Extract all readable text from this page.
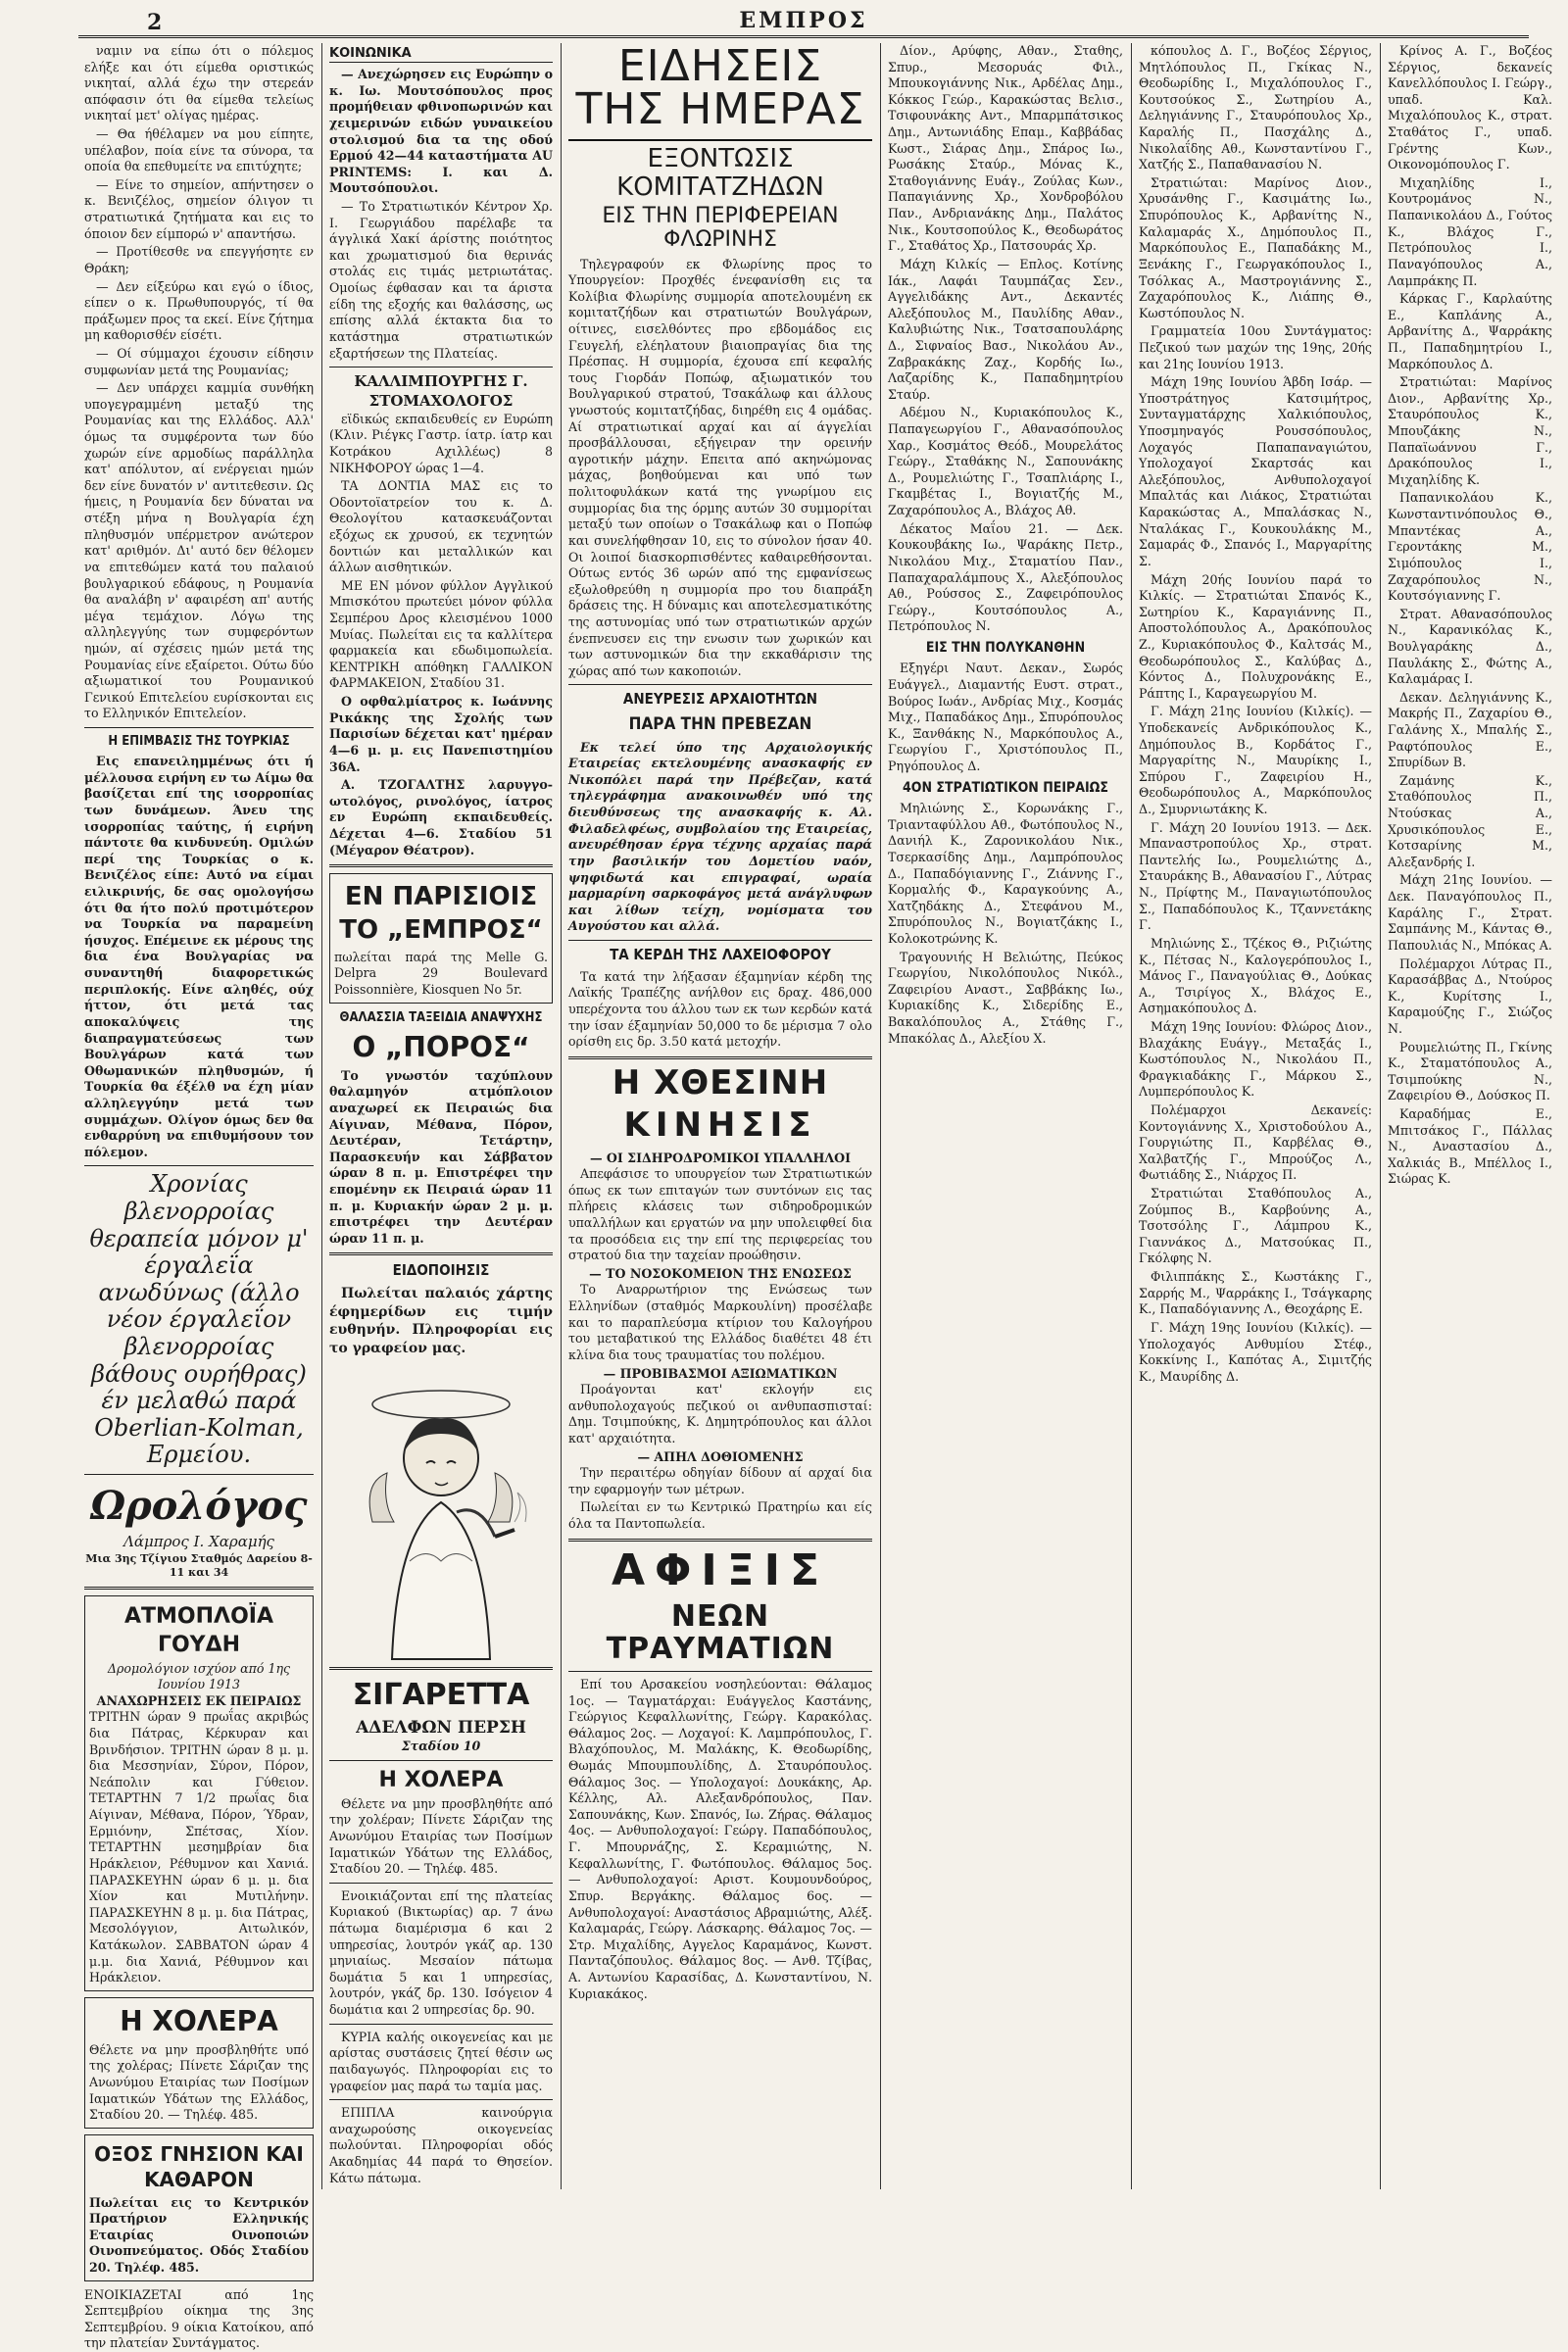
2	ΕΜΠΡΟΣ

ναμιν να είπω ότι ο πόλεμος ελήξε και ότι είμεθα οριστικώς νικηταί, αλλά έχω την στερεάν απόφασιν ότι θα είμεθα τελείως νικηταί μετ' ολίγας ημέρας.

— Θα ήθέλαμεν να μου είπητε, υπέλαβον, ποία είνε τα σύνορα, τα οποία θα επεθυμείτε να επιτύχητε;

— Είνε το σημείον, απήντησεν ο κ. Βενιζέλος, σημείον όλιγον τι στρατιωτικά ζητήματα και εις το όποιον δεν είμπορώ ν' απαντήσω.

— Προτίθεσθε να επεγγήσητε εν Θράκη;

— Δεν είξεύρω και εγώ ο ίδιος, είπεν ο κ. Πρωθυπουργός, τί θα πράξωμεν προς τα εκεί. Είνε ζήτημα μη καθορισθέν είσέτι.

— Οί σύμμαχοι έχουσιν είδησιν συμφωνίαν μετά της Ρουμανίας;

— Δεν υπάρχει καμμία συνθήκη υπογεγραμμένη μεταξύ της Ρουμανίας και της Ελλάδος. Αλλ' όμως τα συμφέροντα των δύο χωρών είνε αρμοδίως παράλληλα κατ' απόλυτον, αί ενέργειαι ημών δεν είνε δυνατόν ν' αντιτεθεσιν. Ως ήμεις, η Ρουμανία δεν δύναται να στέξη μήνα η Βουλγαρία έχη πληθυσμόν υπέρμετρον ανώτερον κατ' αριθμόν. Δι' αυτό δεν θέλομεν να επιτεθώμεν κατά του παλαιού βουλγαρικού εδάφους, η Ρουμανία θα αναλάβη ν' αφαιρέση απ' αυτής μέγα τεμάχιον. Λόγω της αλληλεγγύης των συμφερόντων ημών, αί σχέσεις ημών μετά της Ρουμανίας είνε εξαίρετοι. Ούτω δύο αξιωματικοί του Ρουμανικού Γενικού Επιτελείου ευρίσκονται εις το Ελληνικόν Επιτελείον.

Η ΕΠΙΜΒΑΣΙΣ ΤΗΣ ΤΟΥΡΚΙΑΣ

Εις επανειλημμένως ότι ή μέλλουσα ειρήνη εν τω Αίμω θα βασίζεται επί της ισορροπίας των δυνάμεων. Άνευ της ισορροπίας ταύτης, ή ειρήνη πάντοτε θα κινδυνεύη. Ομιλών περί της Τουρκίας ο κ. Βενιζέλος είπε: Αυτό να είμαι ειλικρινής, δε σας ομολογήσω ότι θα ήτο πολύ προτιμότερον να Τουρκία να παραμείνη ήσυχος. Επέμεινε εκ μέρους της δια ένα Βουλγαρίας να συναντηθή διαφορετικώς περιπλοκής. Είνε αληθές, ούχ ήττον, ότι μετά τας αποκαλύψεις της διαπραγματεύσεως των Βουλγάρων κατά των Οθωμανικών πληθυσμών, ή Τουρκία θα έξέλθ να έχη μίαν αλληλεγγύην μετά των συμμάχων. Ολίγον όμως δεν θα ενθαρρύνη να επιθυμήσουν τον πόλεμον.

Χρονίας βλενορροίας θεραπεία μόνον μ' έργαλεΐα ανωδύνως (άλλο νέον έργαλεΐον βλενορροίας βάθους ουρήθρας) έν μελαθώ παρά Oberlian-Kolman, Ερμείου.
Ωρολόγος
Λάμπρος Ι. Χαραμής
Μια 3ης Τζίγιου Σταθμός Δαρείου 8-11 και 34
ΑΤΜΟΠΛΟΪΑ ΓΟΥΔΗ
Δρομολόγιον ισχύον από 1ης Ιουνίου 1913
ΑΝΑΧΩΡΗΣΕΙΣ ΕΚ ΠΕΙΡΑΙΩΣ
ΤΡΙΤΗΝ ώραν 9 πρωΐας ακριβώς δια Πάτρας, Κέρκυραν και Βρινδήσιον. ΤΡΙΤΗΝ ώραν 8 μ. μ. δια Μεσσηνίαν, Σύρον, Πόρον, Νεάπολιν και Γύθειον. ΤΕΤΑΡΤΗΝ 7 1/2 πρωΐας δια Αίγιναν, Μέθανα, Πόρον, Ύδραν, Ερμιόνην, Σπέτσας, Χίον. ΤΕΤΑΡΤΗΝ μεσημβρίαν δια Ηράκλειον, Ρέθυμνον και Χανιά. ΠΑΡΑΣΚΕΥΗΝ ώραν 6 μ. μ. δια Χίον και Μυτιλήνην. ΠΑΡΑΣΚΕΥΗΝ 8 μ. μ. δια Πάτρας, Μεσολόγγιον, Αιτωλικόν, Κατάκωλον. ΣΑΒΒΑΤΟΝ ώραν 4 μ.μ. δια Χανιά, Ρέθυμνον και Ηράκλειον.
Η ΧΟΛΕΡΑ
Θέλετε να μην προσβληθήτε υπό της χολέρας; Πίνετε Σάριζαν της Ανωνύμου Εταιρίας των Ποσίμων Ιαματικών Υδάτων της Ελλάδος, Σταδίου 20. — Τηλέφ. 485.
ΟΞΟΣ ΓΝΗΣΙΟΝ ΚΑΙ ΚΑΘΑΡΟΝ
Πωλείται εις το Κεντρικόν Πρατήριον Ελληνικής Εταιρίας Οινοποιών Οινοπνεύματος. Οδός Σταδίου 20. Τηλέφ. 485.
ΕΝΟΙΚΙΑΖΕΤΑΙ από 1ης Σεπτεμβρίου οίκημα της 3ης Σεπτεμβρίου. 9 οίκια Κατοίκου, από την πλατείαν Συντάγματος.
ΚΟΙΝΩΝΙΚΑ

— Ανεχώρησεν εις Ευρώπην ο κ. Ιω. Μουτσόπουλος προς προμήθειαν φθινοπωρινών και χειμερινών ειδών γυναικείου στολισμού δια τα της οδού Ερμού 42—44 καταστήματα ΑU PRINTEMS: Ι. και Δ. Μουτσόπουλοι.

— Το Στρατιωτικόν Κέντρον Χρ. Ι. Γεωργιάδου παρέλαβε τα άγγλικά Χακί άρίστης ποιότητος και χρωματισμού δια θερινάς στολάς εις τιμάς μετριωτάτας. Ομοίως έφθασαν και τα άριστα είδη της εξοχής και θαλάσσης, ως επίσης αλλά έκτακτα δια το κατάστημα στρατιωτικών εξαρτήσεων της Πλατείας.

ΚΑΛΛΙΜΠΟΥΡΓΗΣ Γ. ΣΤΟΜΑΧΟΛΟΓΟΣ

εϊδικώς εκπαιδευθείς εν Ευρώπη (Κλιν. Ριέγκς Γαστρ. ίατρ. ίατρ και Κοτράκου Αχιλλέως) 8 ΝΙΚΗΦΟΡΟΥ ώρας 1—4.

ΤΑ ΔΟΝΤΙΑ ΜΑΣ εις το Οδοντοϊατρείον του κ. Δ. Θεολογίτου κατασκευάζονται εξόχως εκ χρυσού, εκ τεχνητών δοντιών και μεταλλικών και άλλων αισθητικών.

ΜΕ ΕΝ μόνον φύλλον Αγγλικού Μπισκότου πρωτεύει μόνον φύλλα Σεμπέρου Δρος κλεισμένου 1000 Μυίας. Πωλείται εις τα καλλίτερα φαρμακεία και εδωδιμοπωλεία. ΚΕΝΤΡΙΚΗ απόθηκη ΓΑΛΛΙΚΟΝ ΦΑΡΜΑΚΕΙΟΝ, Σταδίου 31.

Ο οφθαλμίατρος κ. Ιωάννης Ρικάκης της Σχολής των Παρισίων δέχεται κατ' ημέραν 4—6 μ. μ. εις Πανεπιστημίου 36Α.

Α. ΤΖΟΓΑΛΤΗΣ λαρυγγο-ωτολόγος, ρινολόγος, ίατρος εν Ευρώπη εκπαιδευθείς. Δέχεται 4—6. Σταδίου 51 (Μέγαρον Θέατρον).

ΕΝ ΠΑΡΙΣΙΟΙΣ ΤΟ „ΕΜΠΡΟΣ“
πωλείται παρά της Melle G. Delpra 29 Boulevard Poissonnière, Kiosquen No 5r.
ΘΑΛΑΣΣΙΑ ΤΑΞΕΙΔΙΑ ΑΝΑΨΥΧΗΣ
Ο „ΠΟΡΟΣ“

Το γνωστόν ταχύπλουν θαλαμηγόν ατμόπλοιον αναχωρεί εκ Πειραιώς δια Αίγιναν, Μέθανα, Πόρον, Δευτέραν, Τετάρτην, Παρασκευήν και Σάββατον ώραν 8 π. μ. Επιστρέφει την επομένην εκ Πειραιά ώραν 11 π. μ. Κυριακήν ώραν 2 μ. μ. επιστρέφει την Δευτέραν ώραν 11 π. μ.

ΕΙΔΟΠΟΙΗΣΙΣ

Πωλείται παλαιός χάρτης έφημερίδων εις τιμήν ευθηνήν. Πληροφορίαι εις το γραφείον μας.

ΣΙΓΑΡΕΤΤΑ
ΑΔΕΛΦΩΝ ΠΕΡΣΗ
Σταδίου 10
Η ΧΟΛΕΡΑ

Θέλετε να μην προσβληθήτε από την χολέραν; Πίνετε Σάριζαν της Ανωνύμου Εταιρίας των Ποσίμων Ιαματικών Υδάτων της Ελλάδος, Σταδίου 20. — Τηλέφ. 485.

Ενοικιάζονται επί της πλατείας Κυριακού (Βικτωρίας) αρ. 7 άνω πάτωμα διαμέρισμα 6 και 2 υπηρεσίας, λουτρόν γκάζ αρ. 130 μηνιαίως. Μεσαίον πάτωμα δωμάτια 5 και 1 υπηρεσίας, λουτρόν, γκάζ δρ. 130. Ισόγειον 4 δωμάτια και 2 υπηρεσίας δρ. 90.

ΚΥΡΙΑ καλής οικογενείας και με αρίστας συστάσεις ζητεί θέσιν ως παιδαγωγός. Πληροφορίαι εις το γραφείον μας παρά τω ταμία μας.

ΕΠΙΠΛΑ καινούργια αναχωρούσης οικογενείας πωλούνται. Πληροφορίαι οδός Ακαδημίας 44 παρά το Θησείον. Κάτω πάτωμα.

ΕΙΔΗΣΕΙΣ ΤΗΣ ΗΜΕΡΑΣ
ΕΞΟΝΤΩΣΙΣ ΚΟΜΙΤΑΤΖΗΔΩΝ
ΕΙΣ ΤΗΝ ΠΕΡΙΦΕΡΕΙΑΝ ΦΛΩΡΙΝΗΣ

Τηλεγραφούν εκ Φλωρίνης προς το Υπουργείον: Προχθές ένεφανίσθη εις τα Κολίβια Φλωρίνης συμμορία αποτελουμένη εκ κομιτατζήδων και στρατιωτών Βουλγάρων, οίτινες, εισελθόντες προ εβδομάδος εις Γευγελή, ελέηλατουν βιαιοπραγίας δια της Πρέσπας. Η συμμορία, έχουσα επί κεφαλής τους Γιορδάν Ποπώφ, αξιωματικόν του Βουλγαρικού στρατού, Τσακάλωφ και άλλους γνωστούς κομιτατζήδας, διηρέθη εις 4 ομάδας. Αί στρατιωτικαί αρχαί και αί άγγελίαι προσβάλλουσαι, εξήγειραν την ορεινήν αγροτικήν μάχην. Επειτα από ακηνώμονας μάχας, βοηθούμεναι και υπό των πολιτοφυλάκων κατά της γνωρίμου εις συμμορίας δια της όρμης αυτών 30 συμμορίται μεταξύ των οποίων ο Τσακάλωφ και ο Ποπώφ και συνελήφθησαν 10, εις το σύνολον ήσαν 40. Οι λοιποί διασκορπισθέντες καθαιρεθήσονται. Ούτως εντός 36 ωρών από της εμφανίσεως εξωλοθρεύθη η συμμορία προ του διαπράξη δράσεις της. Η δύναμις και αποτελεσματικότης της αστυνομίας υπό των στρατιωτικών αρχών ένεπνευσεν εις την ενωσιν των χωρικών και των αστυνομικών δια την εκκαθάρισιν της χώρας από των κακοποιών.

ΑΝΕΥΡΕΣΙΣ ΑΡΧΑΙΟΤΗΤΩΝ
ΠΑΡΑ ΤΗΝ ΠΡΕΒΕΖΑΝ

Εκ τελεί ύπο της Αρχαιολογικής Εταιρείας εκτελουμένης ανασκαφής εν Νικοπόλει παρά την Πρέβεζαν, κατά τηλεγράφημα ανακοινωθέν υπό της διευθύνσεως της ανασκαφής κ. Αλ. Φιλαδελφέως, συμβολαίου της Εταιρείας, ανευρέθησαν έργα τέχνης αρχαίας παρά την βασιλικήν του Δομετίου ναόν, ψηφιδωτά και επιγραφαί, ωραία μαρμαρίνη σαρκοφάγος μετά ανάγλυφων και λίθων τείχη, νομίσματα του Αυγούστου και αλλά.

ΤΑ ΚΕΡΔΗ ΤΗΣ ΛΑΧΕΙΟΦΟΡΟΥ

Τα κατά την λήξασαν έξαμηνίαν κέρδη της Λαϊκής Τραπέζης ανήλθον εις δραχ. 486,000 υπερέχοντα του άλλου των εκ των κερδών κατά την ίσαν έξαμηνίαν 50,000 το δε μέρισμα 7 ολο ορίσθη εις δρ. 3.50 κατά μετοχήν.

Η ΧΘΕΣΙΝΗ
ΚΙΝΗΣΙΣ
— ΟΙ ΣΙΔΗΡΟΔΡΟΜΙΚΟΙ ΥΠΑΛΛΗΛΟΙ

Απεφάσισε το υπουργείον των Στρατιωτικών όπως εκ των επιταγών των συντόνων εις τας πλήρεις κλάσεις των σιδηροδρομικών υπαλλήλων και εργατών να μην υπολειφθεί δια τα προσόδεια εις την επί της περιφερείας του στρατού δια την ταχείαν προώθησιν.

— ΤΟ ΝΟΣΟΚΟΜΕΙΟΝ ΤΗΣ ΕΝΩΣΕΩΣ

Το Αναρρωτήριον της Ενώσεως των Ελληνίδων (σταθμός Μαρκουλίνη) προσέλαβε και το παραπλεύσμα κτίριον του Καλογήρου του μεταβατικού της Ελλάδος διαθέτει 48 έτι κλίνα δια τους τραυματίας του πολέμου.

— ΠΡΟΒΙΒΑΣΜΟΙ ΑΞΙΩΜΑΤΙΚΩΝ

Προάγονται κατ' εκλογήν εις ανθυπολοχαγούς πεζικού οι ανθυπασπισταί: Δημ. Τσιμπούκης, Κ. Δημητρόπουλος και άλλοι κατ' αρχαιότητα.

— ΑΠΗΛ ΔΟΘΙΟΜΕΝΗΣ

Την περαιτέρω οδηγίαν δίδουν αί αρχαί δια την εφαρμογήν των μέτρων.

Πωλείται εν τω Κεντρικώ Πρατηρίω και είς όλα τα Παντοπωλεία.

ΑΦΙΞΙΣ
ΝΕΩΝ ΤΡΑΥΜΑΤΙΩΝ

Επί του Αρσακείου νοσηλεύονται: Θάλαμος 1ος. — Ταγματάρχαι: Ευάγγελος Καστάνης, Γεώργιος Κεφαλλωνίτης, Γεώργ. Καρακόλας. Θάλαμος 2ος. — Λοχαγοί: Κ. Λαμπρόπουλος, Γ. Βλαχόπουλος, Μ. Μαλάκης, Κ. Θεοδωρίδης, Θωμάς Μπουμπουλίδης, Δ. Σταυρόπουλος. Θάλαμος 3ος. — Υπολοχαγοί: Δουκάκης, Αρ. Κέλλης, Αλ. Αλεξανδρόπουλος, Παν. Σαπουνάκης, Κων. Σπανός, Ιω. Ζήρας. Θάλαμος 4ος. — Ανθυπολοχαγοί: Γεώργ. Παπαδόπουλος, Γ. Μπουρνάζης, Σ. Κεραμιώτης, Ν. Κεφαλλωνίτης, Γ. Φωτόπουλος. Θάλαμος 5ος. — Ανθυπολοχαγοί: Αριστ. Κουμουνδούρος, Σπυρ. Βεργάκης. Θάλαμος 6ος. — Ανθυπολοχαγοί: Αναστάσιος Αβραμιώτης, Αλέξ. Καλαμαράς, Γεώργ. Λάσκαρης. Θάλαμος 7ος. — Στρ. Μιχαλίδης, Αγγελος Καραμάνος, Κωνστ. Πανταζόπουλος. Θάλαμος 8ος. — Ανθ. Τζίβας, Α. Αντωνίου Καρασίδας, Δ. Κωνσταντίνου, Ν. Κυριακάκος.

Δίον., Αρύφης, Αθαν., Σταθης, Σπυρ., Μεσορυάς Φιλ., Μπουκογιάννης Νικ., Αρδέλας Δημ., Κόκκος Γεώρ., Καρακώστας Βελισ., Τσιφουνάκης Αντ., Μπαρμπάτσικος Δημ., Αντωνιάδης Επαμ., Καββάδας Κωστ., Σιάρας Δημ., Σπάρος Ιω., Ρωσάκης Σταύρ., Μόνας Κ., Σταθογιάννης Ευάγ., Ζούλας Κων., Παπαγιάννης Χρ., Χονδροβόλου Παν., Ανδριανάκης Δημ., Παλάτος Νικ., Κουτσοπούλος Κ., Θεοδωράτος Γ., Σταθάτος Χρ., Πατσουράς Χρ.

Μάχη Κιλκίς — Επλος. Κοτίνης Ιάκ., Λαφάι Ταυμπάζας Σεν., Αγγελιδάκης Αντ., Δεκαντές Αλεξόπουλος Μ., Παυλίδης Αθαν., Καλυβιώτης Νικ., Τσατσαπουλάρης Δ., Σιφναίος Βασ., Νικολάου Αν., Ζαβρακάκης Ζαχ., Κορδής Ιω., Λαζαρίδης Κ., Παπαδημητρίου Σταύρ.

Αδέμου Ν., Κυριακόπουλος Κ., Παπαγεωργίου Γ., Αθανασόπουλος Χαρ., Κοσμάτος Θεόδ., Μουρελάτος Γεώργ., Σταθάκης Ν., Σαπουνάκης Δ., Ρουμελιώτης Γ., Τσαπλιάρης Ι., Γκαμβέτας Ι., Βογιατζής Μ., Ζαχαρόπουλος Α., Βλάχος Αθ.

Δέκατος Μαΐου 21. — Δεκ. Κουκουβάκης Ιω., Ψαράκης Πετρ., Νικολάου Μιχ., Σταματίου Παν., Παπαχαραλάμπους Χ., Αλεξόπουλος Αθ., Ρούσσος Σ., Ζαφειρόπουλος Γεώργ., Κουτσόπουλος Α., Πετρόπουλος Ν.

ΕΙΣ ΤΗΝ ΠΟΛΥΚΑΝΘΗΝ

Εξηγέρι Ναυτ. Δεκαν., Σωρός Ευάγγελ., Διαμαντής Ευστ. στρατ., Βούρος Ιωάν., Ανδρίας Μιχ., Κοσμάς Μιχ., Παπαδάκος Δημ., Σπυρόπουλος Κ., Ξανθάκης Ν., Μαρκόπουλος Α., Γεωργίου Γ., Χριστόπουλος Π., Ρηγόπουλος Δ.

4ΟΝ ΣΤΡΑΤΙΩΤΙΚΟΝ ΠΕΙΡΑΙΩΣ

Μηλιώνης Σ., Κορωνάκης Γ., Τριανταφύλλου Αθ., Φωτόπουλος Ν., Δανιήλ Κ., Ζαρονικολάου Νικ., Τσερκασίδης Δημ., Λαμπρόπουλος Δ., Παπαδόγιαννης Γ., Ζιάννης Γ., Κορμαλής Φ., Καραγκούνης Α., Χατζηδάκης Δ., Στεφάνου Μ., Σπυρόπουλος Ν., Βογιατζάκης Ι., Κολοκοτρώνης Κ.

Τραγουνιής Η Βελιώτης, Πεύκος Γεωργίου, Νικολόπουλος Νικόλ., Ζαφειρίου Αναστ., Σαββάκης Ιω., Κυριακίδης Κ., Σιδερίδης Ε., Βακαλόπουλος Α., Στάθης Γ., Μπακόλας Δ., Αλεξίου Χ.

κόπουλος Δ. Γ., Βοζέος Σέργιος, Μητλόπουλος Π., Γκίκας Ν., Θεοδωρίδης Ι., Μιχαλόπουλος Γ., Κουτσούκος Σ., Σωτηρίου Α., Δεληγιάννης Γ., Σταυρόπουλος Χρ., Καραλής Π., Πασχάλης Δ., Νικολαΐδης Αθ., Κωνσταντίνου Γ., Χατζής Σ., Παπαθανασίου Ν.

Στρατιώται: Μαρίνος Διον., Χρυσάνθης Γ., Κασιμάτης Ιω., Σπυρόπουλος Κ., Αρβανίτης Ν., Καλαμαράς Χ., Δημόπουλος Π., Μαρκόπουλος Ε., Παπαδάκης Μ., Ξενάκης Γ., Γεωργακόπουλος Ι., Τσόλκας Α., Μαστρογιάννης Σ., Ζαχαρόπουλος Κ., Λιάπης Θ., Κωστόπουλος Ν.

Γραμματεία 10ου Συντάγματος: Πεζικού των μαχών της 19ης, 20ής και 21ης Ιουνίου 1913.

Μάχη 19ης Ιουνίου Άβδη Ισάρ. — Υποστράτηγος Κατσιμήτρος, Συνταγματάρχης Χαλκιόπουλος, Υποσμηναγός Ρουσσόπουλος, Λοχαγός Παπαπαναγιώτου, Υπολοχαγοί Σκαρτσάς και Αλεξόπουλος, Ανθυπολοχαγοί Μπαλτάς και Λιάκος, Στρατιώται Καρακώστας Α., Μπαλάσκας Ν., Νταλάκας Γ., Κουκουλάκης Μ., Σαμαράς Φ., Σπανός Ι., Μαργαρίτης Σ.

Μάχη 20ής Ιουνίου παρά το Κιλκίς. — Στρατιώται Σπανός Κ., Σωτηρίου Κ., Καραγιάννης Π., Αποστολόπουλος Α., Δρακόπουλος Ζ., Κυριακόπουλος Φ., Καλτσάς Μ., Θεοδωρόπουλος Σ., Καλύβας Δ., Κόντος Δ., Πολυχρονάκης Ε., Ράπτης Ι., Καραγεωργίου Μ.

Γ. Μάχη 21ης Ιουνίου (Κιλκίς). — Υποδεκανείς Ανδρικόπουλος Κ., Δημόπουλος Β., Κορδάτος Γ., Μαργαρίτης Ν., Μαυρίκης Ι., Σπύρου Γ., Ζαφειρίου Η., Θεοδωρόπουλος Α., Μαρκόπουλος Δ., Σμυρνιωτάκης Κ.

Γ. Μάχη 20 Ιουνίου 1913. — Δεκ. Μπαναστροπούλος Χρ., στρατ. Παντελής Ιω., Ρουμελιώτης Δ., Σταυράκης Β., Αθανασίου Γ., Λύτρας Ν., Πρίφτης Μ., Παναγιωτόπουλος Σ., Παπαδόπουλος Κ., Τζαννετάκης Γ.

Μηλιώνης Σ., Τζέκος Θ., Ριζιώτης Κ., Πέτσας Ν., Καλογερόπουλος Ι., Μάνος Γ., Παναγούλιας Θ., Δούκας Α., Τσιρίγος Χ., Βλάχος Ε., Ασημακόπουλος Δ.

Μάχη 19ης Ιουνίου: Φλώρος Διον., Βλαχάκης Ευάγγ., Μεταξάς Ι., Κωστόπουλος Ν., Νικολάου Π., Φραγκιαδάκης Γ., Μάρκου Σ., Λυμπερόπουλος Κ.

Πολέμαρχοι Δεκανείς: Κοντογιάννης Χ., Χριστοδούλου Α., Γουργιώτης Π., Καρβέλας Θ., Χαλβατζής Γ., Μπρούζος Λ., Φωτιάδης Σ., Νιάρχος Π.

Στρατιώται Σταθόπουλος Α., Ζούμπος Β., Καρβούνης Α., Τσοτσόλης Γ., Λάμπρου Κ., Γιαννάκος Δ., Ματσούκας Π., Γκόλφης Ν.

Φιλιππάκης Σ., Κωστάκης Γ., Σαρρής Μ., Ψαρράκης Ι., Τσάγκαρης Κ., Παπαδόγιαννης Λ., Θεοχάρης Ε.

Γ. Μάχη 19ης Ιουνίου (Κιλκίς). — Υπολοχαγός Ανθυμίου Στέφ., Κοκκίνης Ι., Καπότας Α., Σιμιτζής Κ., Μαυρίδης Δ.

Κρίνος Α. Γ., Βοζέος Σέργιος, δεκανείς Κανελλόπουλος Ι. Γεώργ., υπαδ. Καλ. Μιχαλόπουλος Κ., στρατ. Σταθάτος Γ., υπαδ. Γρέντης Κων., Οικονομόπουλος Γ.

Μιχαηλίδης Ι., Κουτρομάνος Ν., Παπανικολάου Δ., Γούτος Κ., Βλάχος Γ., Πετρόπουλος Ι., Παναγόπουλος Α., Λαμπράκης Π.

Κάρκας Γ., Καρλαύτης Ε., Καπλάνης Α., Αρβανίτης Δ., Ψαρράκης Π., Παπαδημητρίου Ι., Μαρκόπουλος Δ.

Στρατιώται: Μαρίνος Διον., Αρβανίτης Χρ., Σταυρόπουλος Κ., Μπουζάκης Ν., Παπαϊωάννου Γ., Δρακόπουλος Ι., Μιχαηλίδης Κ.

Παπανικολάου Κ., Κωνσταντινόπουλος Θ., Μπαντέκας Α., Γεροντάκης Μ., Σιμόπουλος Ι., Ζαχαρόπουλος Ν., Κουτσόγιαννης Γ.

Στρατ. Αθανασόπουλος Ν., Καρανικόλας Κ., Βουλγαράκης Δ., Παυλάκης Σ., Φώτης Α., Καλαμάρας Ι.

Δεκαν. Δεληγιάννης Κ., Μακρής Π., Ζαχαρίου Θ., Γαλάνης Χ., Μπαλής Σ., Ραφτόπουλος Ε., Σπυρίδων Β.

Ζαμάνης Κ., Σταθόπουλος Π., Ντούσκας Α., Χρυσικόπουλος Ε., Κοτσαρίνης Μ., Αλεξανδρής Ι.

Μάχη 21ης Ιουνίου. — Δεκ. Παναγόπουλος Π., Καράλης Γ., Στρατ. Σαμπάνης Μ., Κάντας Θ., Παπουλιάς Ν., Μπόκας Α.

Πολέμαρχοι Λύτρας Π., Καρασάββας Δ., Ντούρος Κ., Κυρίτσης Ι., Καραμούζης Γ., Σιώζος Ν.

Ρουμελιώτης Π., Γκίνης Κ., Σταματόπουλος Α., Τσιμπούκης Ν., Ζαφειρίου Θ., Δούσκος Π.

Καραδήμας Ε., Μπιτσάκος Γ., Πάλλας Ν., Αναστασίου Δ., Χαλκιάς Β., Μπέλλος Ι., Σιώρας Κ.
